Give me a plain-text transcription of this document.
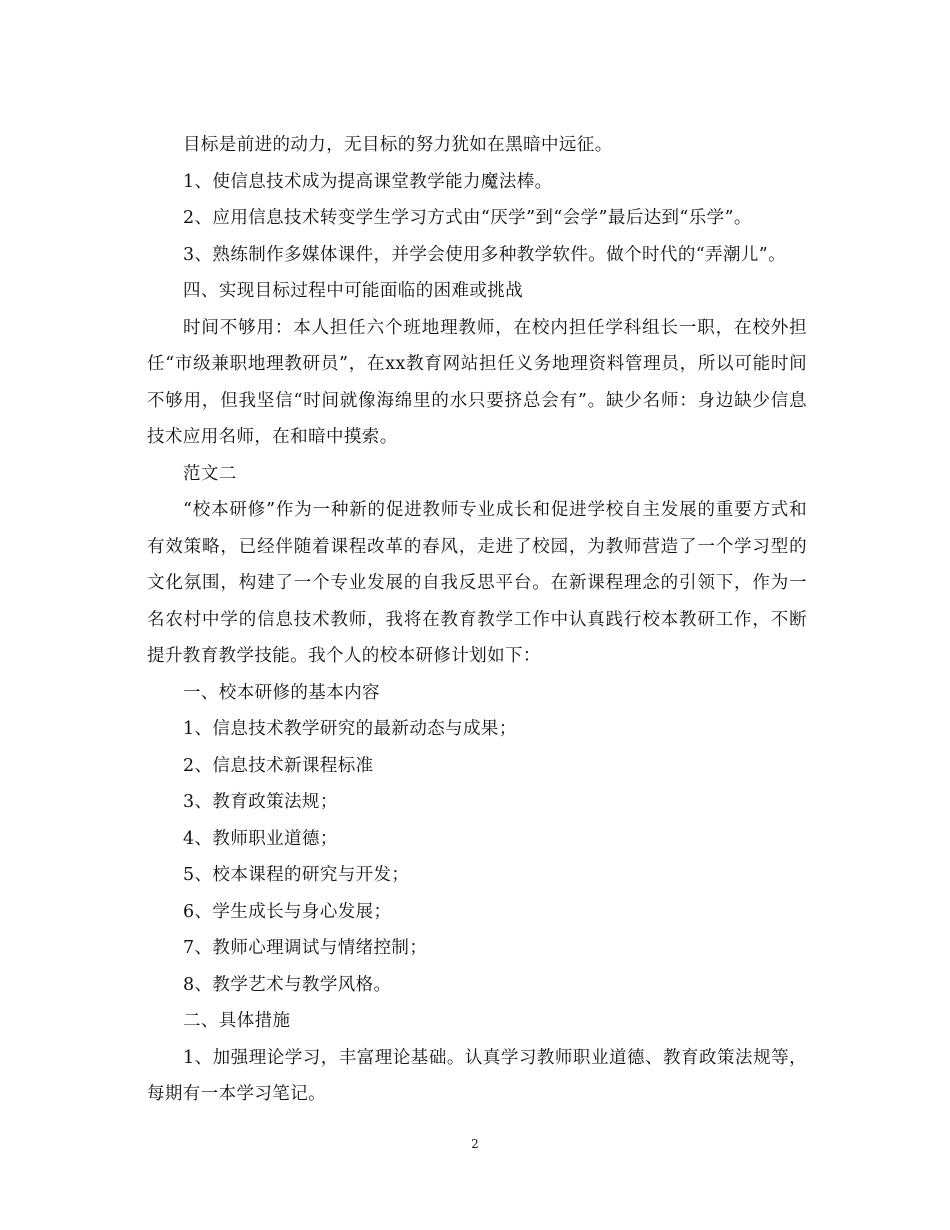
目标是前进的动力，无目标的努力犹如在黑暗中远征。

1、使信息技术成为提高课堂教学能力魔法棒。

2、应用信息技术转变学生学习方式由“厌学”到“会学”最后达到“乐学”。

3、熟练制作多媒体课件，并学会使用多种教学软件。做个时代的“弄潮儿”。

四、实现目标过程中可能面临的困难或挑战

时间不够用：本人担任六个班地理教师，在校内担任学科组长一职，在校外担任“市级兼职地理教研员”，在xx教育网站担任义务地理资料管理员，所以可能时间不够用，但我坚信“时间就像海绵里的水只要挤总会有”。缺少名师：身边缺少信息技术应用名师，在和暗中摸索。

范文二

“校本研修”作为一种新的促进教师专业成长和促进学校自主发展的重要方式和有效策略，已经伴随着课程改革的春风，走进了校园，为教师营造了一个学习型的文化氛围，构建了一个专业发展的自我反思平台。在新课程理念的引领下，作为一名农村中学的信息技术教师，我将在教育教学工作中认真践行校本教研工作，不断提升教育教学技能。我个人的校本研修计划如下：

一、校本研修的基本内容

1、信息技术教学研究的最新动态与成果；

2、信息技术新课程标准

3、教育政策法规；

4、教师职业道德；

5、校本课程的研究与开发；

6、学生成长与身心发展；

7、教师心理调试与情绪控制；

8、教学艺术与教学风格。

二、具体措施

1、加强理论学习，丰富理论基础。认真学习教师职业道德、教育政策法规等，每期有一本学习笔记。

2
